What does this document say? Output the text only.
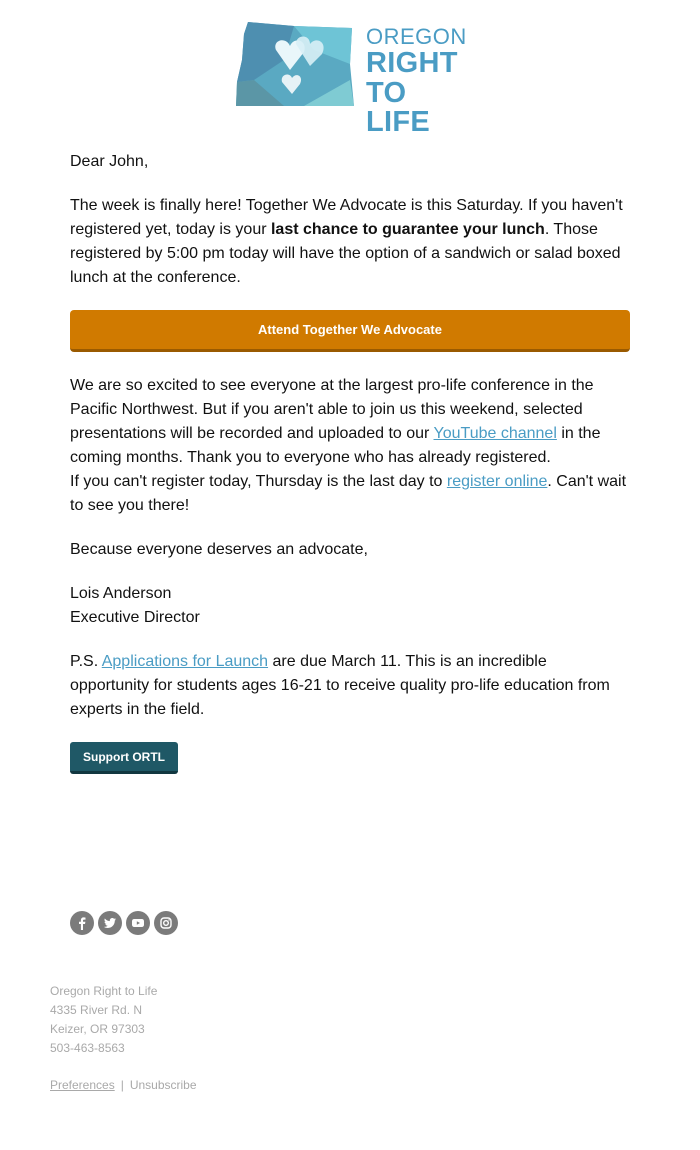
OREGON
RIGHT
TO LIFE

Dear John,

The week is finally here! Together We Advocate is this Saturday. If you haven't registered yet, today is your last chance to guarantee your lunch. Those registered by 5:00 pm today will have the option of a sandwich or salad boxed lunch at the conference.

Attend Together We Advocate

We are so excited to see everyone at the largest pro-life conference in the Pacific Northwest. But if you aren't able to join us this weekend, selected presentations will be recorded and uploaded to our YouTube channel in the coming months. Thank you to everyone who has already registered.
If you can't register today, Thursday is the last day to register online. Can't wait to see you there!

Because everyone deserves an advocate,

Lois Anderson
Executive Director

P.S. Applications for Launch are due March 11. This is an incredible opportunity for students ages 16-21 to receive quality pro-life education from experts in the field.

Support ORTL
Oregon Right to Life
4335 River Rd. N
Keizer, OR 97303
503-463-8563
Preferences | Unsubscribe
